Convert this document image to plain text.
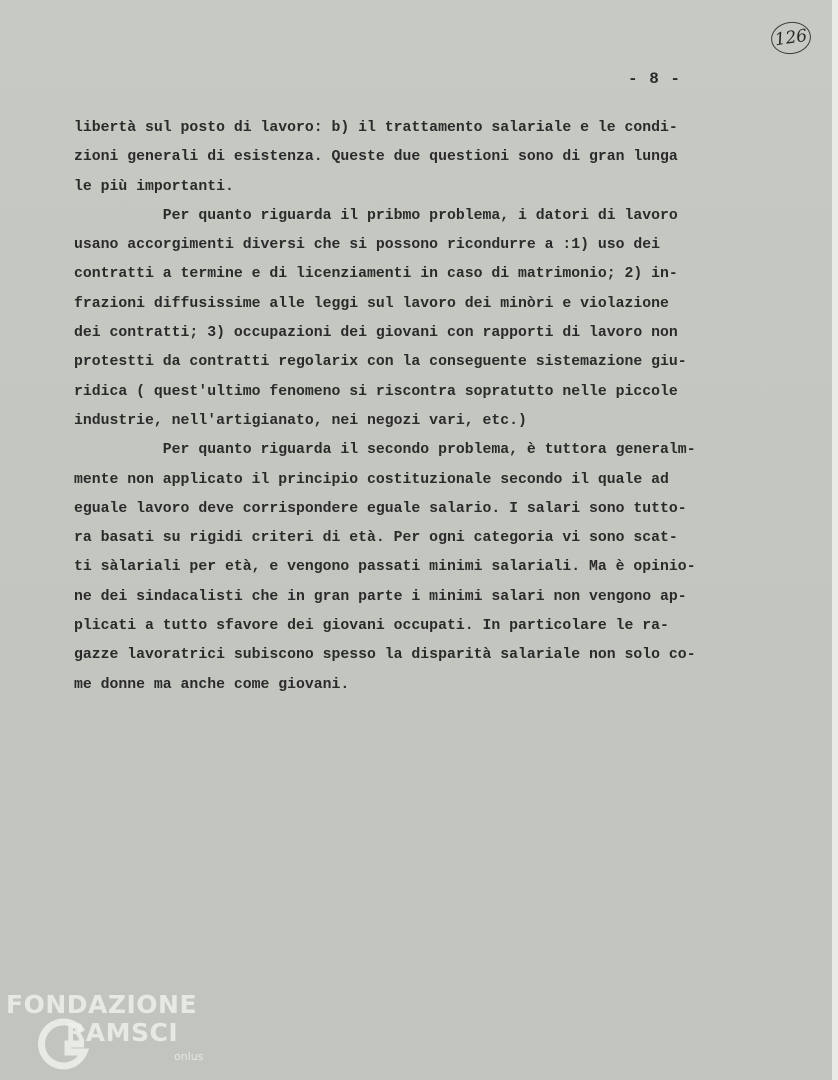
126
- 8 -
libertà sul posto di lavoro: b) il trattamento salariale e le condi-
zioni generali di esistenza. Queste due questioni sono di gran lunga
le più importanti.
Per quanto riguarda il pribmo problema, i datori di lavoro
usano accorgimenti diversi che si possono ricondurre a :1) uso dei
contratti a termine e di licenziamenti in caso di matrimonio; 2) in-
frazioni diffusissime alle leggi sul lavoro dei minòri e violazione
dei contratti; 3) occupazioni dei giovani con rapporti di lavoro non
protestti da contratti regolarix con la conseguente sistemazione giu-
ridica ( quest'ultimo fenomeno si riscontra sopratutto nelle piccole
industrie, nell'artigianato, nei negozi vari, etc.)
Per quanto riguarda il secondo problema, è tuttora generalm-
mente non applicato il principio costituzionale secondo il quale ad
eguale lavoro deve corrispondere eguale salario. I salari sono tutto-
ra basati su rigidi criteri di età. Per ogni categoria vi sono scat-
ti sàlariali per età, e vengono passati minimi salariali. Ma è opinio-
ne dei sindacalisti che in gran parte i minimi salari non vengono ap-
plicati a tutto sfavore dei giovani occupati. In particolare le ra-
gazze lavoratrici subiscono spesso la disparità salariale non solo co-
me donne ma anche come giovani.
FONDAZIONE
RAMSCI
onlus
